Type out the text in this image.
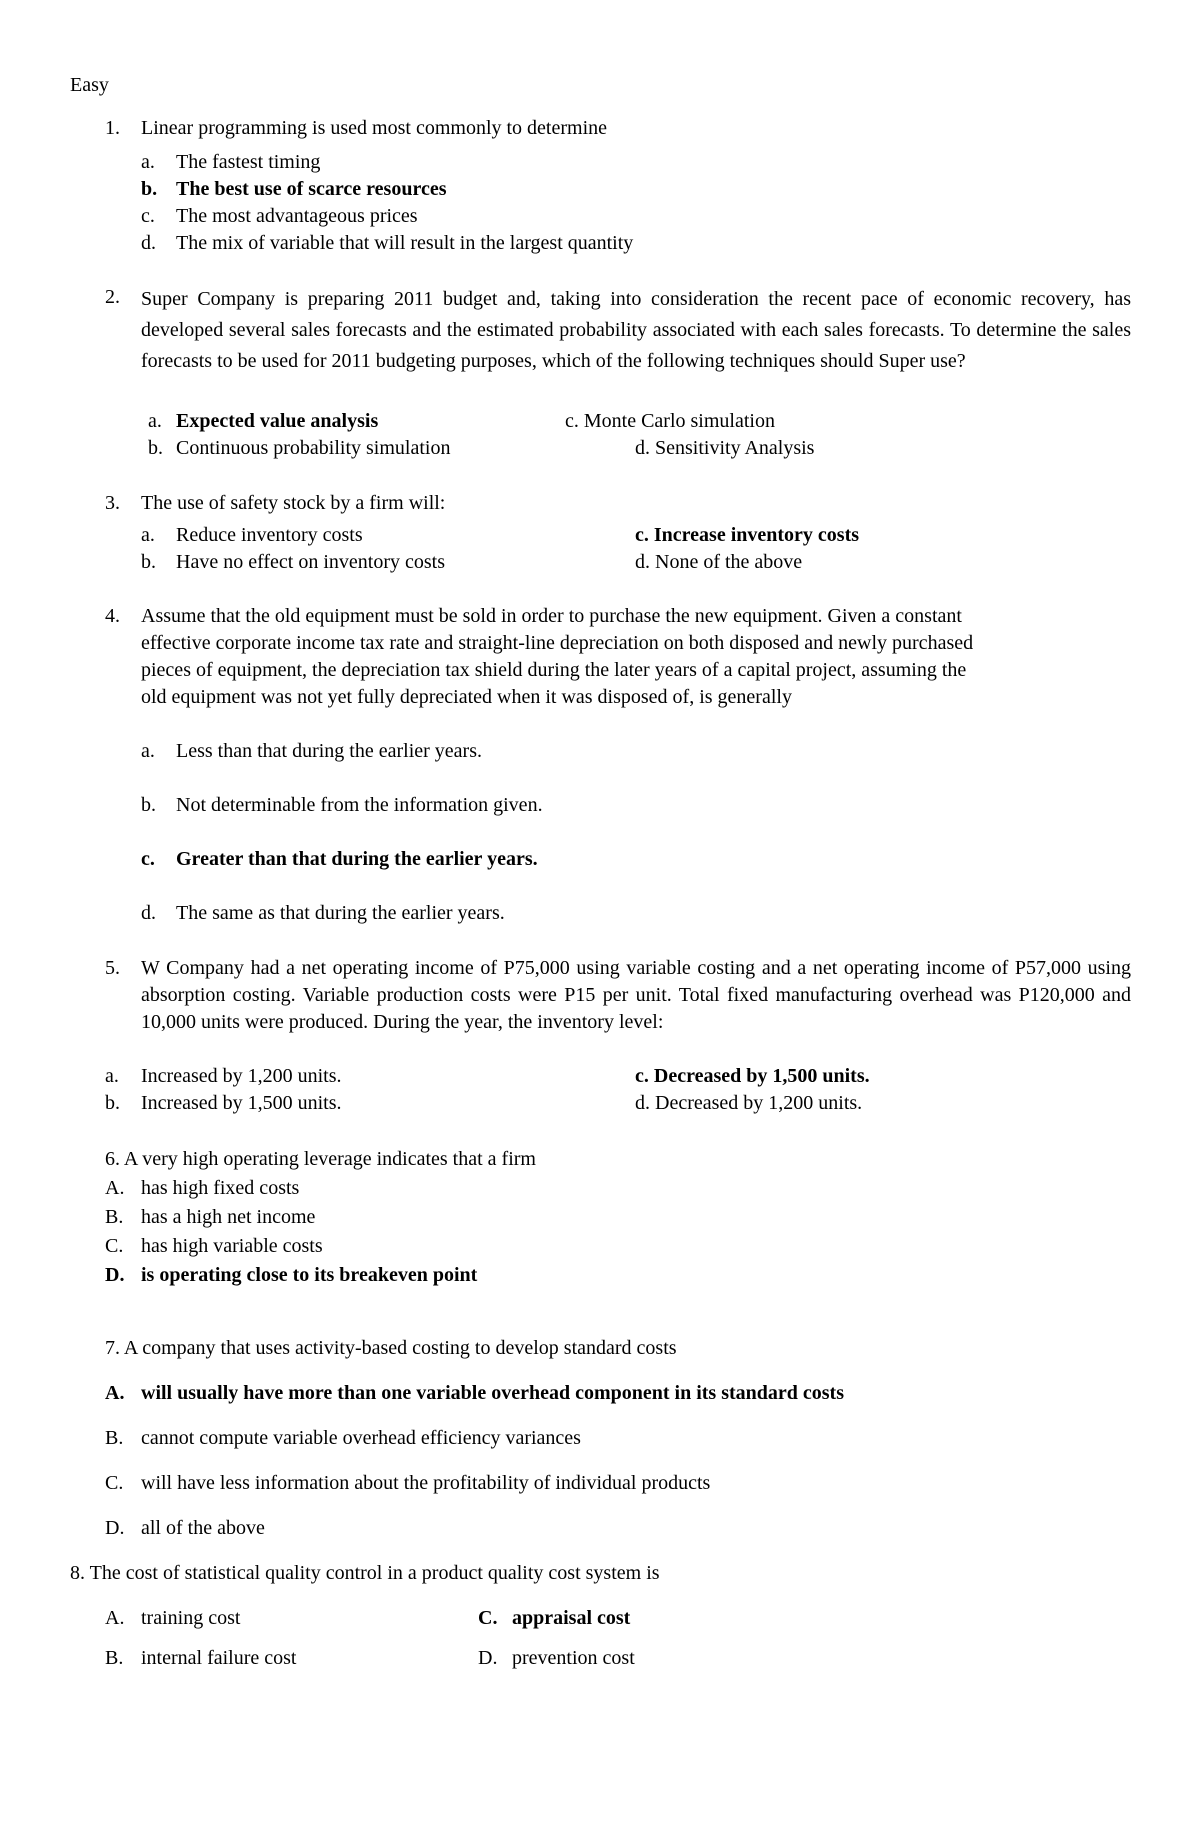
Easy
1. Linear programming is used most commonly to determine
a. The fastest timing
b. The best use of scarce resources
c. The most advantageous prices
d. The mix of variable that will result in the largest quantity
2. Super Company is preparing 2011 budget and, taking into consideration the recent pace of economic recovery, has developed several sales forecasts and the estimated probability associated with each sales forecasts. To determine the sales forecasts to be used for 2011 budgeting purposes, which of the following techniques should Super use?
a. Expected value analysis
b. Continuous probability simulation
c. Monte Carlo simulation
d. Sensitivity Analysis
3. The use of safety stock by a firm will:
a. Reduce inventory costs
b. Have no effect on inventory costs
c. Increase inventory costs
d. None of the above
4. Assume that the old equipment must be sold in order to purchase the new equipment. Given a constant
effective corporate income tax rate and straight-line depreciation on both disposed and newly purchased
pieces of equipment, the depreciation tax shield during the later years of a capital project, assuming the
old equipment was not yet fully depreciated when it was disposed of, is generally
a. Less than that during the earlier years.
b. Not determinable from the information given.
c. Greater than that during the earlier years.
d. The same as that during the earlier years.
5. W Company had a net operating income of P75,000 using variable costing and a net operating income of P57,000 using absorption costing. Variable production costs were P15 per unit. Total fixed manufacturing overhead was P120,000 and 10,000 units were produced. During the year, the inventory level:
a. Increased by 1,200 units.
b. Increased by 1,500 units.
c. Decreased by 1,500 units.
d. Decreased by 1,200 units.
6. A very high operating leverage indicates that a firm
A. has high fixed costs
B. has a high net income
C. has high variable costs
D. is operating close to its breakeven point
7. A company that uses activity-based costing to develop standard costs
A. will usually have more than one variable overhead component in its standard costs
B. cannot compute variable overhead efficiency variances
C. will have less information about the profitability of individual products
D. all of the above
8. The cost of statistical quality control in a product quality cost system is
A. training cost
B. internal failure cost
C. appraisal cost
D. prevention cost
